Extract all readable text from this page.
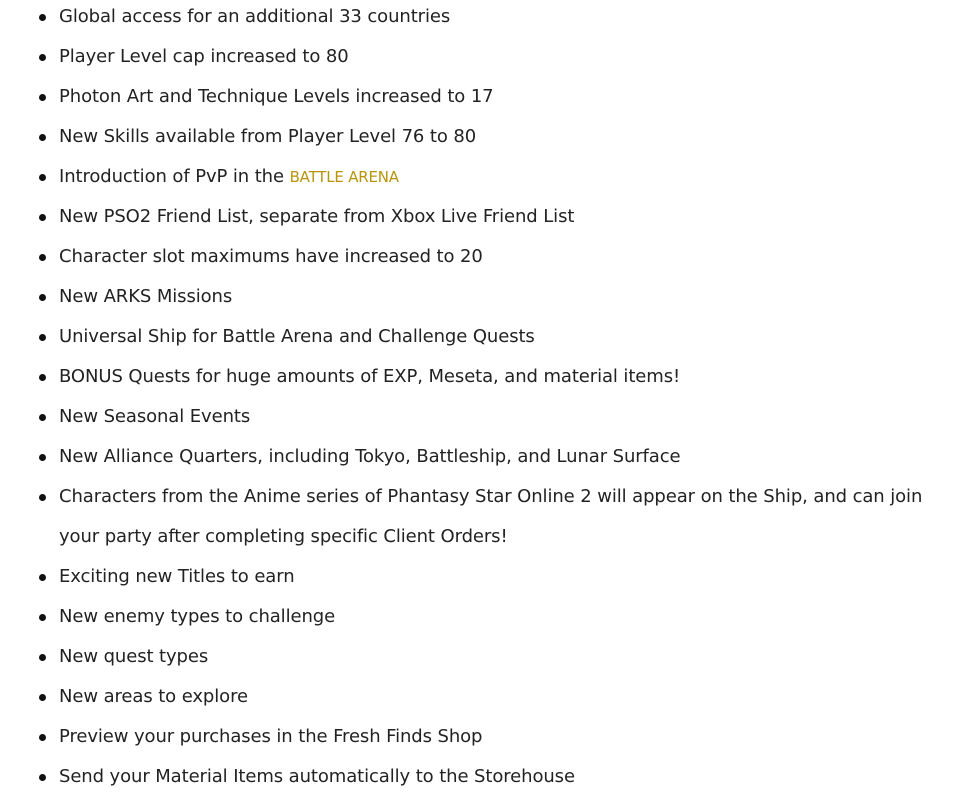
Global access for an additional 33 countries
Player Level cap increased to 80
Photon Art and Technique Levels increased to 17
New Skills available from Player Level 76 to 80
Introduction of PvP in the BATTLE ARENA
New PSO2 Friend List, separate from Xbox Live Friend List
Character slot maximums have increased to 20
New ARKS Missions
Universal Ship for Battle Arena and Challenge Quests
BONUS Quests for huge amounts of EXP, Meseta, and material items!
New Seasonal Events
New Alliance Quarters, including Tokyo, Battleship, and Lunar Surface
Characters from the Anime series of Phantasy Star Online 2 will appear on the Ship, and can join your party after completing specific Client Orders!
Exciting new Titles to earn
New enemy types to challenge
New quest types
New areas to explore
Preview your purchases in the Fresh Finds Shop
Send your Material Items automatically to the Storehouse
